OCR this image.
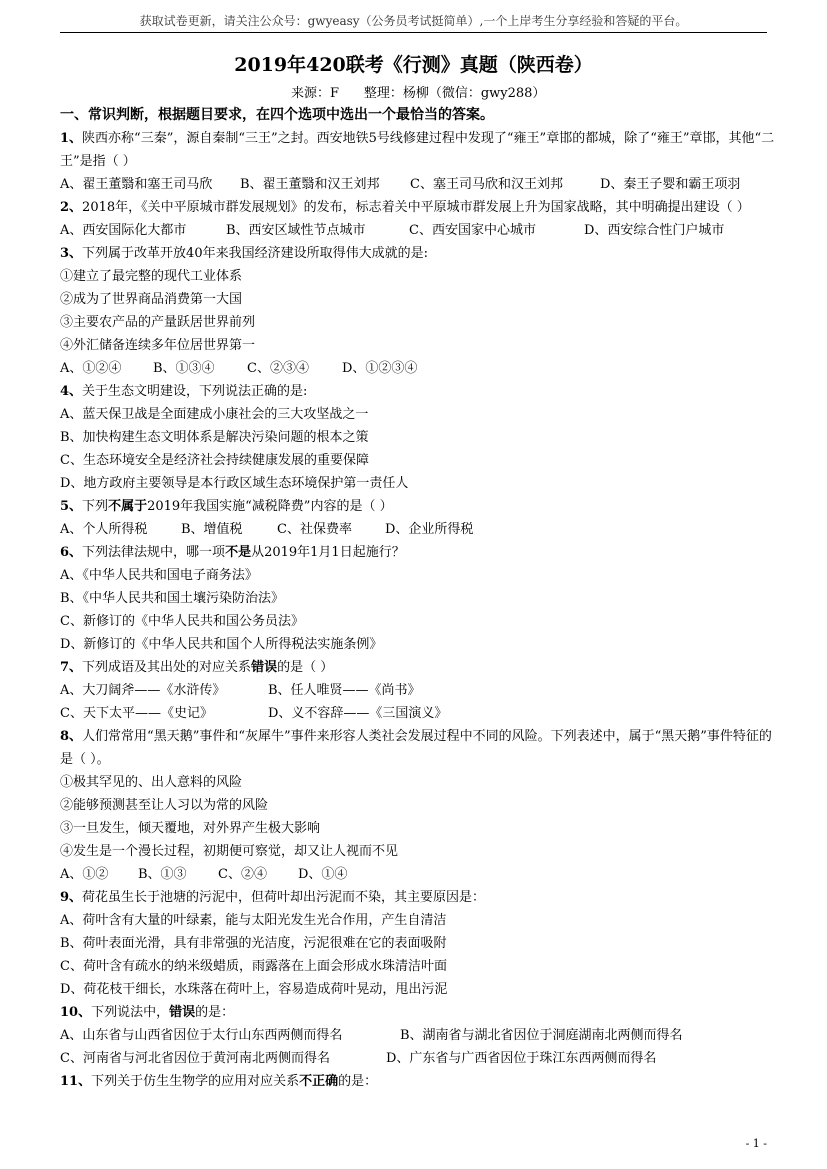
获取试卷更新，请关注公众号：gwyeasy（公务员考试挺简单）,一个上岸考生分享经验和答疑的平台。
2019年420联考《行测》真题（陕西卷）
来源：F      整理：杨柳（微信：gwy288）
一、常识判断，根据题目要求，在四个选项中选出一个最恰当的答案。
1、陕西亦称“三秦”，源自秦制“三王”之封。西安地铁5号线修建过程中发现了“雍王”章邯的都城，除了“雍王”章邯，其他“二王”是指（ ）
A、翟王董翳和塞王司马欣	B、翟王董翳和汉王刘邦	C、塞王司马欣和汉王刘邦	D、秦王子婴和霸王项羽
2、2018年，《关中平原城市群发展规划》的发布，标志着关中平原城市群发展上升为国家战略，其中明确提出建设（ ）
A、西安国际化大都市	B、西安区域性节点城市	C、西安国家中心城市	D、西安综合性门户城市
3、下列属于改革开放40年来我国经济建设所取得伟大成就的是:
①建立了最完整的现代工业体系
②成为了世界商品消费第一大国
③主要农产品的产量跃居世界前列
④外汇储备连续多年位居世界第一
A、①②④	B、①③④	C、②③④	D、①②③④
4、关于生态文明建设，下列说法正确的是:
A、蓝天保卫战是全面建成小康社会的三大攻坚战之一
B、加快构建生态文明体系是解决污染问题的根本之策
C、生态环境安全是经济社会持续健康发展的重要保障
D、地方政府主要领导是本行政区域生态环境保护第一责任人
5、下列不属于2019年我国实施“减税降费”内容的是（ ）
A、个人所得税	B、增值税	C、社保费率	D、企业所得税
6、下列法律法规中，哪一项不是从2019年1月1日起施行？
A、《中华人民共和国电子商务法》
B、《中华人民共和国土壤污染防治法》
C、新修订的《中华人民共和国公务员法》
D、新修订的《中华人民共和国个人所得税法实施条例》
7、下列成语及其出处的对应关系错误的是（ ）
A、大刀阔斧——《水浒传》	B、任人唯贤——《尚书》
C、天下太平——《史记》	D、义不容辞——《三国演义》
8、人们常常用“黑天鹅”事件和“灰犀牛”事件来形容人类社会发展过程中不同的风险。下列表述中，属于“黑天鹅”事件特征的是（ ）。
①极其罕见的、出人意料的风险
②能够预测甚至让人习以为常的风险
③一旦发生，倾天覆地，对外界产生极大影响
④发生是一个漫长过程，初期便可察觉，却又让人视而不见
A、①②	B、①③	C、②④	D、①④
9、荷花虽生长于池塘的污泥中，但荷叶却出污泥而不染，其主要原因是：
A、荷叶含有大量的叶绿素，能与太阳光发生光合作用，产生自清洁
B、荷叶表面光滑，具有非常强的光洁度，污泥很难在它的表面吸附
C、荷叶含有疏水的纳米级蜡质，雨露落在上面会形成水珠清洁叶面
D、荷花枝干细长，水珠落在荷叶上，容易造成荷叶晃动，甩出污泥
10、下列说法中，错误的是：
A、山东省与山西省因位于太行山东西两侧而得名	B、湖南省与湖北省因位于洞庭湖南北两侧而得名
C、河南省与河北省因位于黄河南北两侧而得名	D、广东省与广西省因位于珠江东西两侧而得名
11、下列关于仿生生物学的应用对应关系不正确的是：
- 1 -
